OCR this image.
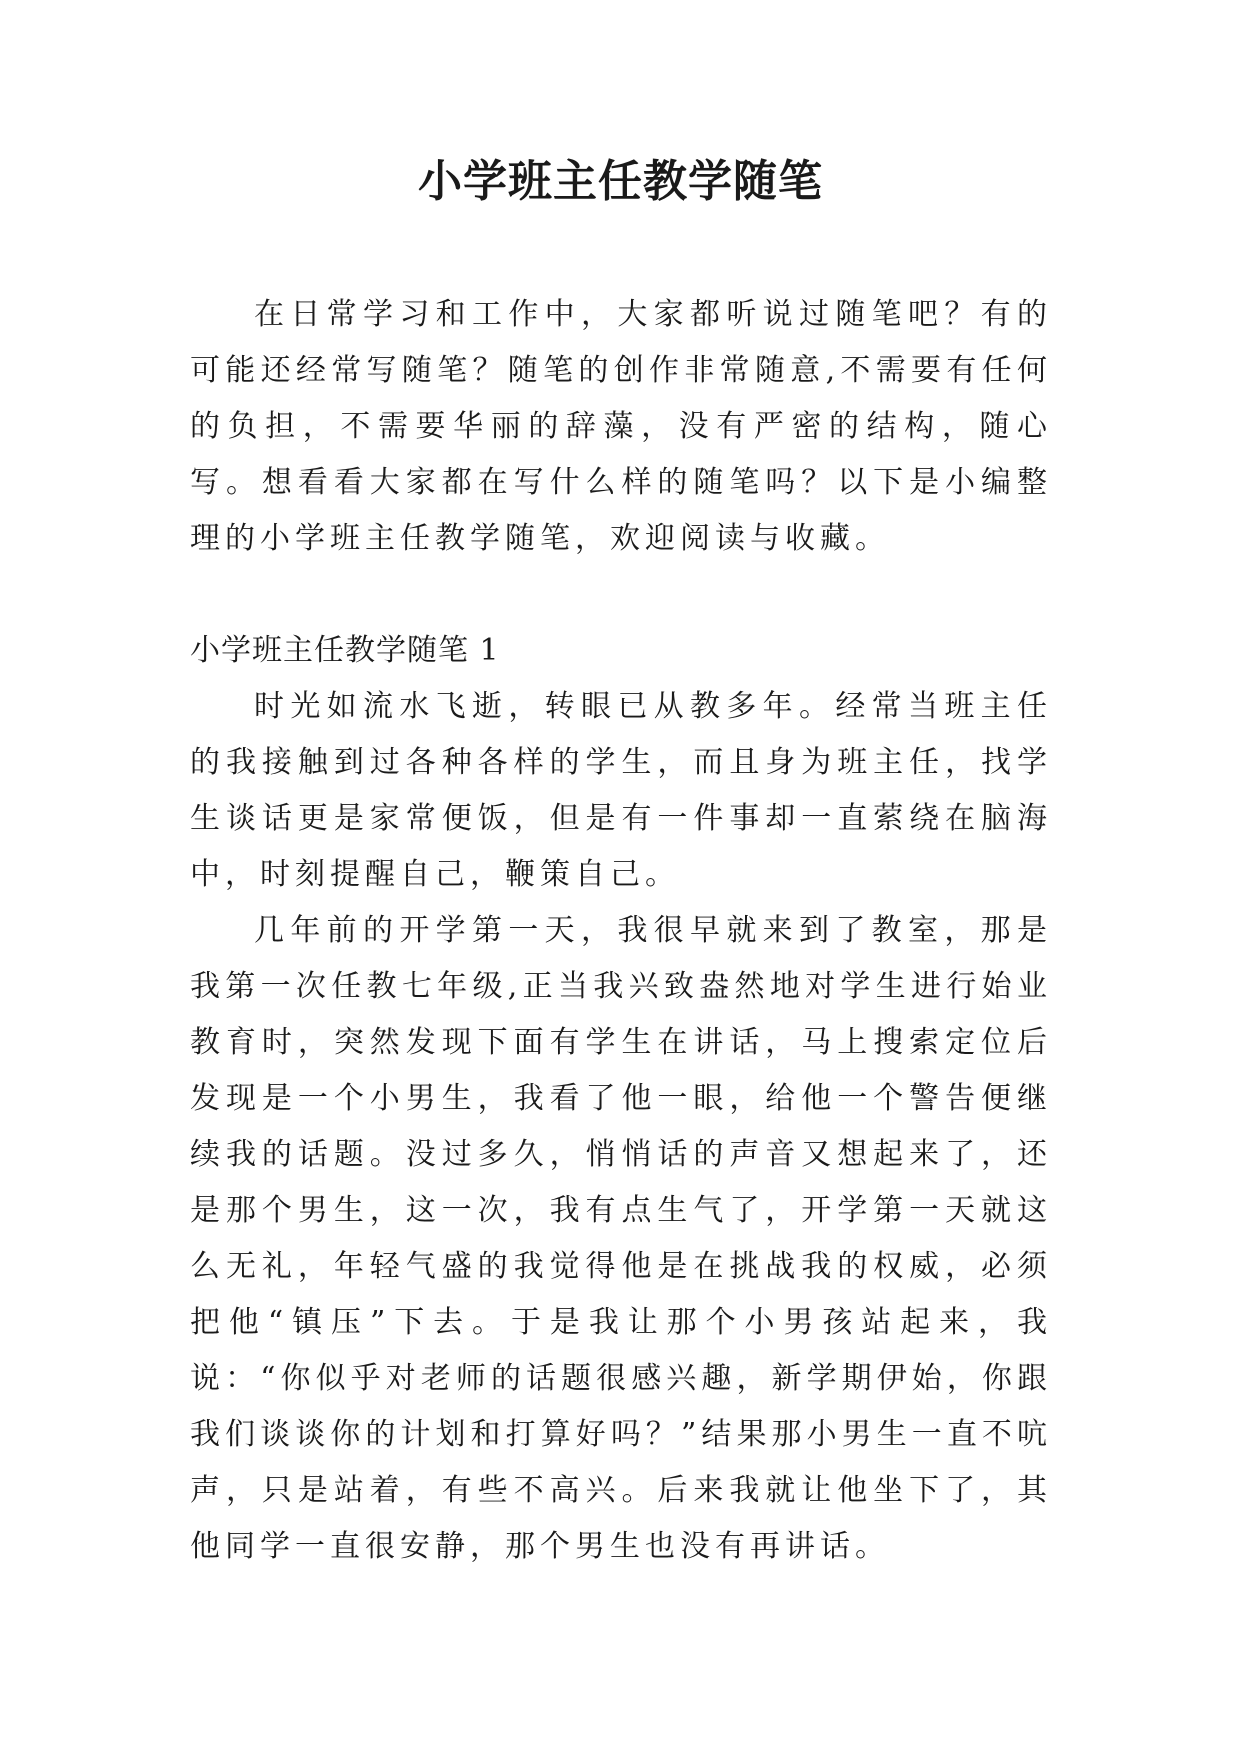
小学班主任教学随笔

在日常学习和工作中，大家都听说过随笔吧？有的可能还经常写随笔？随笔的创作非常随意,不需要有任何的负担，不需要华丽的辞藻，没有严密的结构，随心写。想看看大家都在写什么样的随笔吗？以下是小编整理的小学班主任教学随笔，欢迎阅读与收藏。

小学班主任教学随笔 1

时光如流水飞逝，转眼已从教多年。经常当班主任的我接触到过各种各样的学生，而且身为班主任，找学生谈话更是家常便饭，但是有一件事却一直萦绕在脑海中，时刻提醒自己，鞭策自己。

几年前的开学第一天，我很早就来到了教室，那是我第一次任教七年级,正当我兴致盎然地对学生进行始业教育时，突然发现下面有学生在讲话，马上搜索定位后发现是一个小男生，我看了他一眼，给他一个警告便继续我的话题。没过多久，悄悄话的声音又想起来了，还是那个男生，这一次，我有点生气了，开学第一天就这么无礼，年轻气盛的我觉得他是在挑战我的权威，必须把他“镇压”下去。于是我让那个小男孩站起来，我说：“你似乎对老师的话题很感兴趣，新学期伊始，你跟我们谈谈你的计划和打算好吗？”结果那小男生一直不吭声，只是站着，有些不高兴。后来我就让他坐下了，其他同学一直很安静，那个男生也没有再讲话。
